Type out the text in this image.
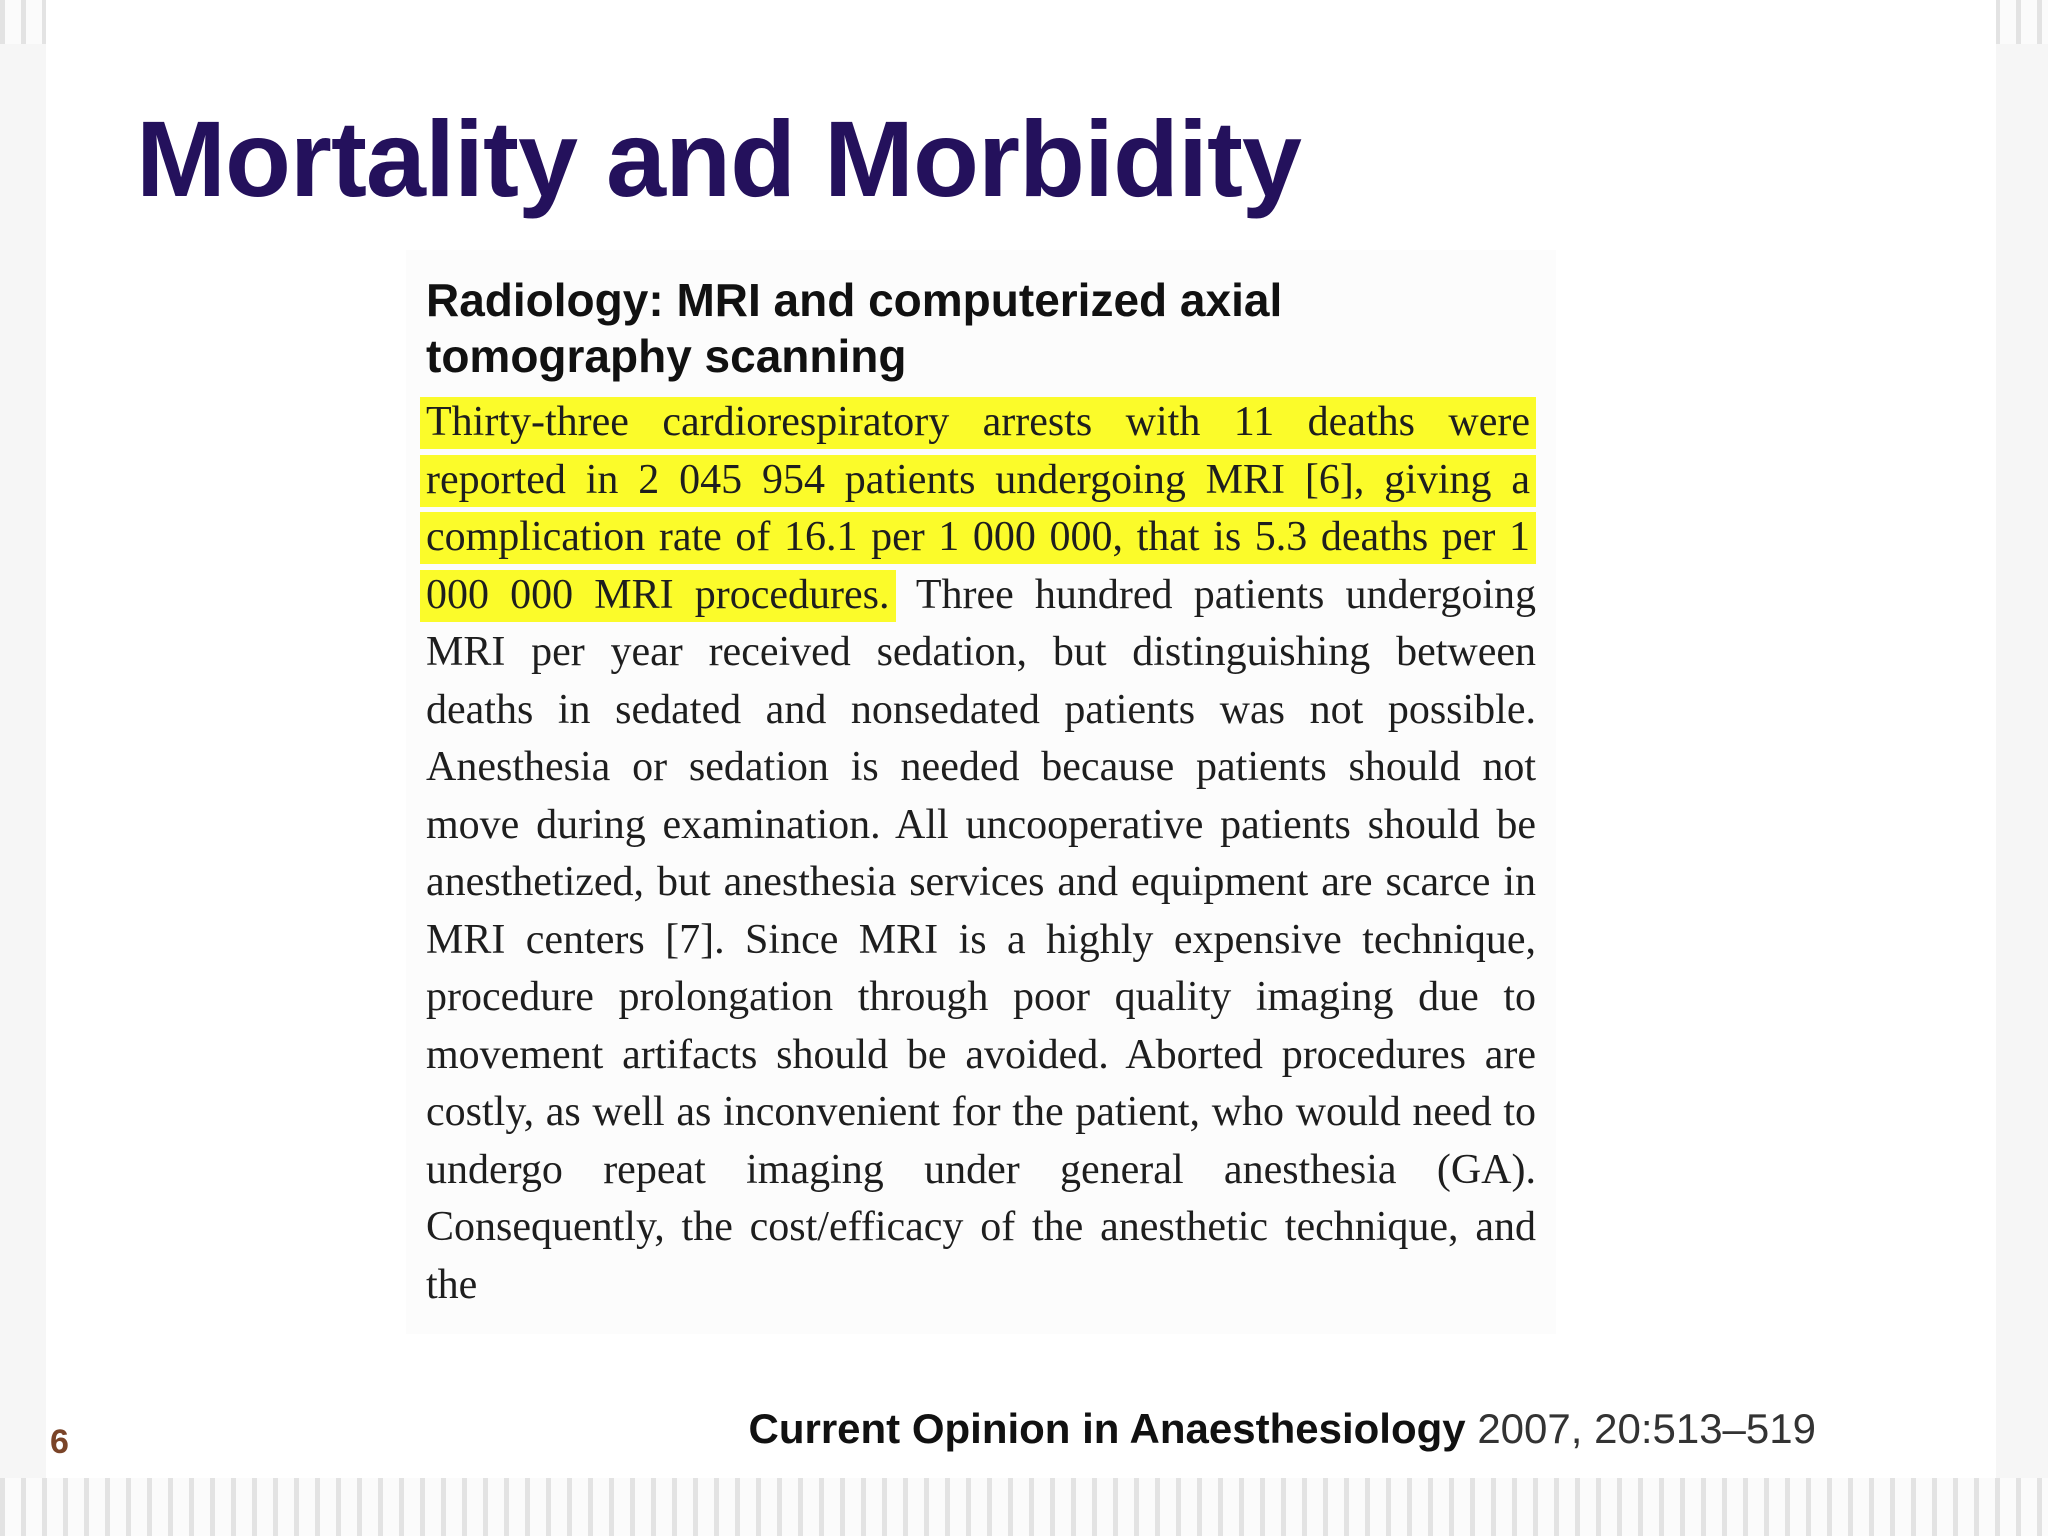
Mortality and Morbidity
Radiology: MRI and computerized axial tomography scanning

Thirty-three cardiorespiratory arrests with 11 deaths were reported in 2 045 954 patients undergoing MRI [6], giving a complication rate of 16.1 per 1 000 000, that is 5.3 deaths per 1 000 000 MRI procedures. Three hundred patients undergoing MRI per year received sedation, but distinguishing between deaths in sedated and nonsedated patients was not possible. Anesthesia or sedation is needed because patients should not move during examination. All uncooperative patients should be anesthetized, but anesthesia services and equipment are scarce in MRI centers [7]. Since MRI is a highly expensive technique, procedure prolongation through poor quality imaging due to movement artifacts should be avoided. Aborted procedures are costly, as well as inconvenient for the patient, who would need to undergo repeat imaging under general anesthesia (GA). Consequently, the cost/efficacy of the anesthetic technique, and the

Current Opinion in Anaesthesiology 2007, 20:513–519

6
